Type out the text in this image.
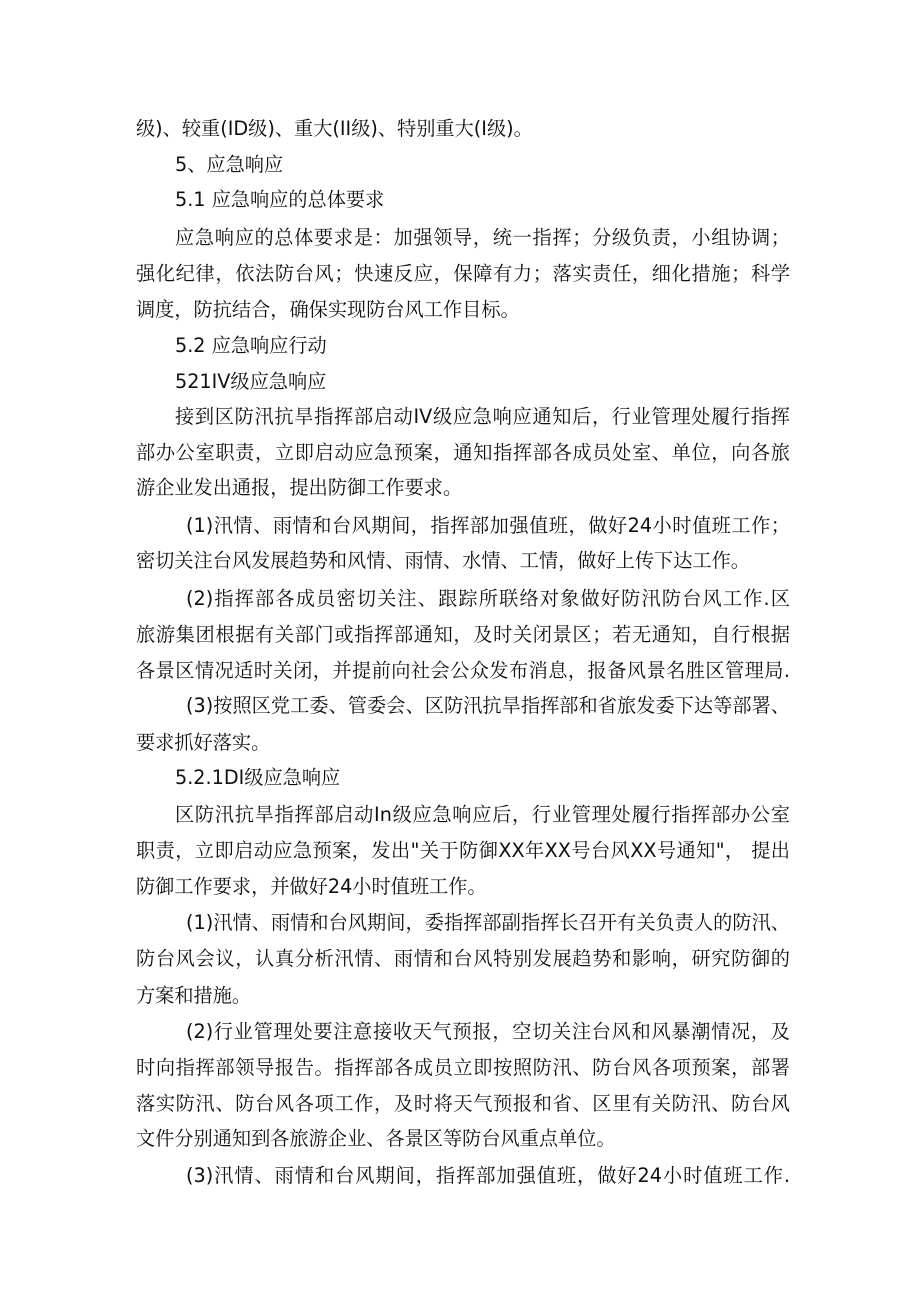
级)、较重(ID级)、重大(II级)、特别重大(I级)。
5、应急响应
5.1 应急响应的总体要求
应急响应的总体要求是：加强领导，统一指挥；分级负责，小组协调；
强化纪律，依法防台风；快速反应，保障有力；落实责任，细化措施；科学
调度，防抗结合，确保实现防台风工作目标。
5.2 应急响应行动
521IV级应急响应
接到区防汛抗旱指挥部启动IV级应急响应通知后，行业管理处履行指挥
部办公室职责，立即启动应急预案，通知指挥部各成员处室、单位，向各旅
游企业发出通报，提出防御工作要求。
(1)汛情、雨情和台风期间，指挥部加强值班，做好24小时值班工作；
密切关注台风发展趋势和风情、雨情、水情、工情，做好上传下达工作。
(2)指挥部各成员密切关注、跟踪所联络对象做好防汛防台风工作.区
旅游集团根据有关部门或指挥部通知，及时关闭景区；若无通知，自行根据
各景区情况适时关闭，并提前向社会公众发布消息，报备风景名胜区管理局.
(3)按照区党工委、管委会、区防汛抗旱指挥部和省旅发委下达等部署、
要求抓好落实。
5.2.1DI级应急响应
区防汛抗旱指挥部启动In级应急响应后，行业管理处履行指挥部办公室
职责，立即启动应急预案，发出"关于防御XX年XX号台风XX号通知"， 提出
防御工作要求，并做好24小时值班工作。
(1)汛情、雨情和台风期间，委指挥部副指挥长召开有关负责人的防汛、
防台风会议，认真分析汛情、雨情和台风特别发展趋势和影响，研究防御的
方案和措施。
(2)行业管理处要注意接收天气预报，空切关注台风和风暴潮情况，及
时向指挥部领导报告。指挥部各成员立即按照防汛、防台风各项预案，部署
落实防汛、防台风各项工作，及时将天气预报和省、区里有关防汛、防台风
文件分别通知到各旅游企业、各景区等防台风重点单位。
(3)汛情、雨情和台风期间，指挥部加强值班，做好24小时值班工作.
